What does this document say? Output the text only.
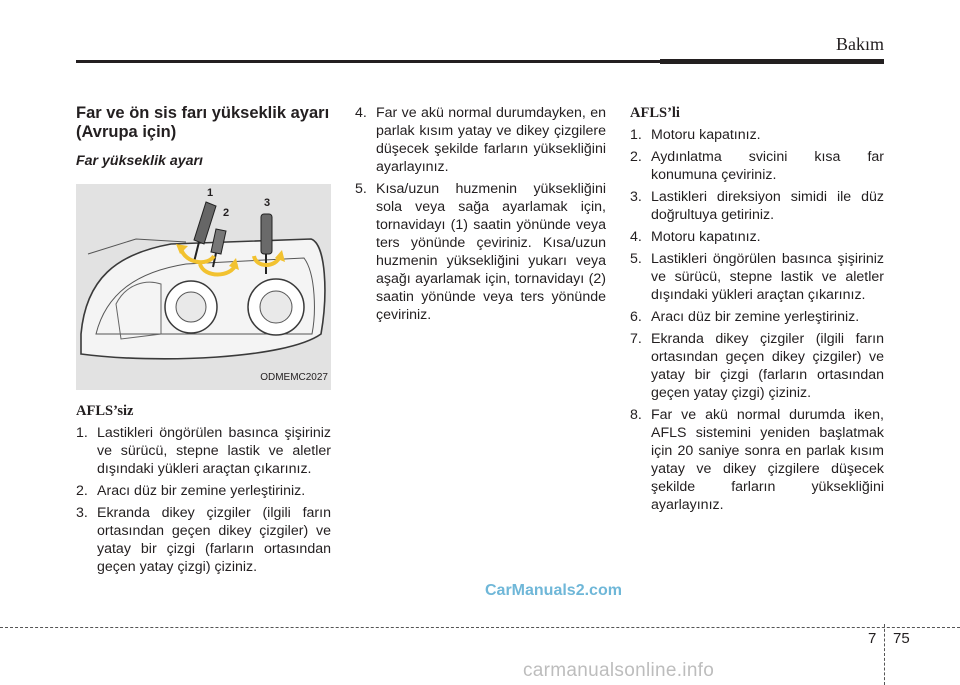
Bakım
Far ve ön sis farı yükseklik ayarı (Avrupa için)
Far yükseklik ayarı
1
2
3
ODMEMC2027
AFLS’siz
1. Lastikleri öngörülen basınca şişiriniz ve sürücü, stepne lastik ve aletler dışındaki yükleri araçtan çıkarınız.
2. Aracı düz bir zemine yerleştiriniz.
3. Ekranda dikey çizgiler (ilgili farın ortasından geçen dikey çizgiler) ve yatay bir çizgi (farların ortasından geçen yatay çizgi) çiziniz.
4. Far ve akü normal durumdayken, en parlak kısım yatay ve dikey çizgilere düşecek şekilde farların yüksekliğini ayarlayınız.
5. Kısa/uzun huzmenin yüksekliğini sola veya sağa ayarlamak için, tornavidayı (1) saatin yönünde veya ters yönünde çeviriniz. Kısa/uzun huzmenin yüksekliğini yukarı veya aşağı ayarlamak için, tornavidayı (2) saatin yönünde veya ters yönünde çeviriniz.
AFLS’li
1. Motoru kapatınız.
2. Aydınlatma svicini kısa far konumuna çeviriniz.
3. Lastikleri direksiyon simidi ile düz doğrultuya getiriniz.
4. Motoru kapatınız.
5. Lastikleri öngörülen basınca şişiriniz ve sürücü, stepne lastik ve aletler dışındaki yükleri araçtan çıkarınız.
6. Aracı düz bir zemine yerleştiriniz.
7. Ekranda dikey çizgiler (ilgili farın ortasından geçen dikey çizgiler) ve yatay bir çizgi (farların ortasından geçen yatay çizgi) çiziniz.
8. Far ve akü normal durumda iken, AFLS sistemini yeniden başlatmak için 20 saniye sonra en parlak kısım yatay ve dikey çizgilere düşecek şekilde farların yüksekliğini ayarlayınız.
CarManuals2.com
7 75
carmanualsonline.info
